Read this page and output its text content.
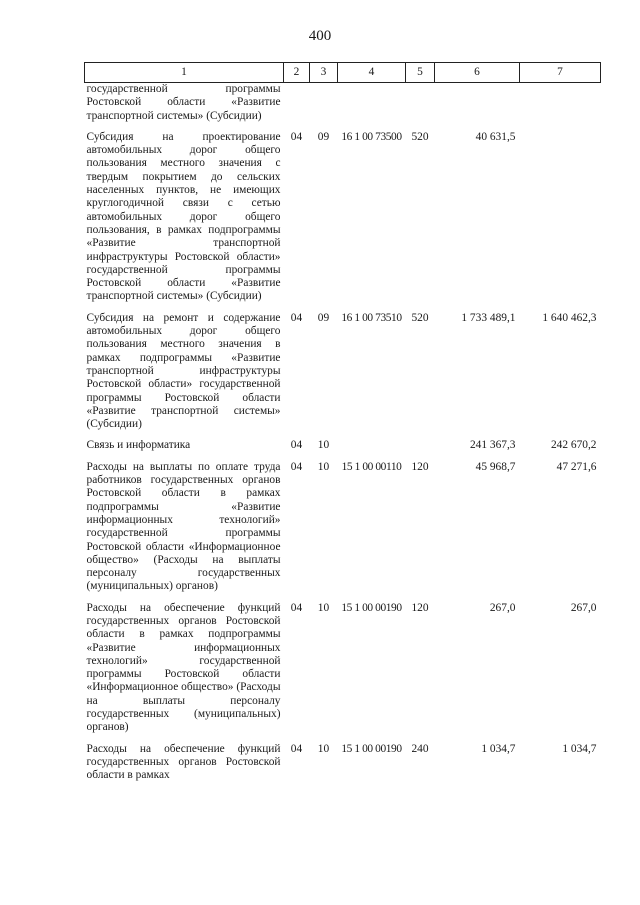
400
1	2	3	4	5	6	7
государственной программы Ростовской области «Развитие транспортной системы» (Субсидии)						
Субсидия на проектирование автомобильных дорог общего пользования местного значения с твердым покрытием до сельских населенных пунктов, не имеющих круглогодичной связи с сетью автомобильных дорог общего пользования, в рамках подпрограммы «Развитие транспортной инфраструктуры Ростовской области» государственной программы Ростовской области «Развитие транспортной системы» (Субсидии)	04	09	16 1 00 73500	520	40 631,5	
Субсидия на ремонт и содержание автомобильных дорог общего пользования местного значения в рамках подпрограммы «Развитие транспортной инфраструктуры Ростовской области» государственной программы Ростовской области «Развитие транспортной системы» (Субсидии)	04	09	16 1 00 73510	520	1 733 489,1	1 640 462,3
Связь и информатика	04	10			241 367,3	242 670,2
Расходы на выплаты по оплате труда работников государственных органов Ростовской области в рамках подпрограммы «Развитие информационных технологий» государственной программы Ростовской области «Информационное общество» (Расходы на выплаты персоналу государственных (муниципальных) органов)	04	10	15 1 00 00110	120	45 968,7	47 271,6
Расходы на обеспечение функций государственных органов Ростовской области в рамках подпрограммы «Развитие информационных технологий» государственной программы Ростовской области «Информационное общество» (Расходы на выплаты персоналу государственных (муниципальных) органов)	04	10	15 1 00 00190	120	267,0	267,0
Расходы на обеспечение функций государственных органов Ростовской области в рамках	04	10	15 1 00 00190	240	1 034,7	1 034,7
